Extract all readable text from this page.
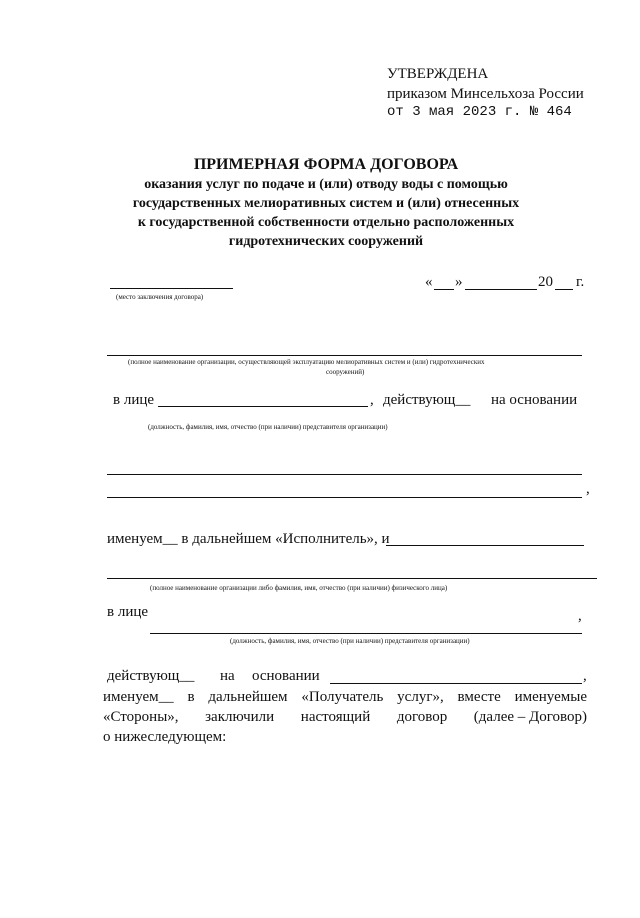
УТВЕРЖДЕНА
приказом Минсельхоза России
от 3 мая 2023 г. № 464
ПРИМЕРНАЯ ФОРМА ДОГОВОРА
оказания услуг по подаче и (или) отводу воды с помощью
государственных мелиоративных систем и (или) отнесенных
к государственной собственности отдельно расположенных
гидротехнических сооружений
(место заключения договора)
« »	20 г.
(полное наименование организации, осуществляющей эксплуатацию мелиоративных систем и (или) гидротехнических
сооружений)
в лице	, действующ__ на основании
(должность, фамилия, имя, отчество (при наличии) представителя организации)
,
именуем__ в дальнейшем «Исполнитель», и
(полное наименование организации либо фамилия, имя, отчество (при наличии) физического лица)
в лице	,
(должность, фамилия, имя, отчество (при наличии) представителя организации)
действующ__ на основании	,
именуем__ в дальнейшем «Получатель услуг», вместе именуемые
«Стороны», заключили настоящий договор (далее – Договор)
о нижеследующем:
